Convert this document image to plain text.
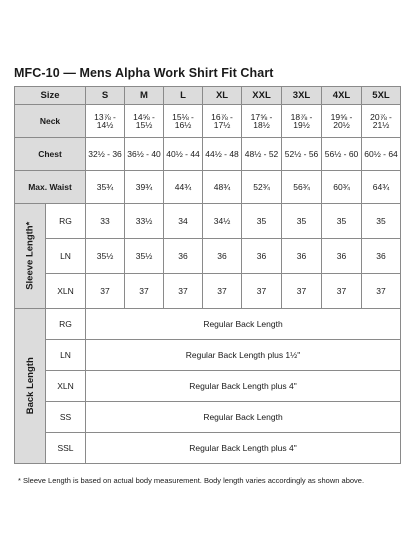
MFC-10 — Mens Alpha Work Shirt Fit Chart
Size		S	M	L	XL	XXL	3XL	4XL	5XL
Neck		13⅞ - 14½	14⅝ - 15½	15⅛ - 16½	16⅞ - 17½	17⅝ - 18½	18⅞ - 19½	19⅝ - 20½	20⅞ - 21½
Chest		32½ - 36	36½ - 40	40½ - 44	44½ - 48	48½ - 52	52½ - 56	56½ - 60	60½ - 64
Max. Waist		35¾	39¾	44¾	48¾	52¾	56¾	60¾	64¾

Sleeve Length*	RG	33	33½	34	34½	35	35	35	35
	LN	35½	35½	36	36	36	36	36	36
	XLN	37	37	37	37	37	37	37	37

Back Length	RG	Regular Back Length							
	LN	Regular Back Length plus 1½"							
	XLN	Regular Back Length plus 4"							
	SS	Regular Back Length							
	SSL	Regular Back Length plus 4"							
* Sleeve Length is based on actual body measurement. Body length varies accordingly as shown above.
